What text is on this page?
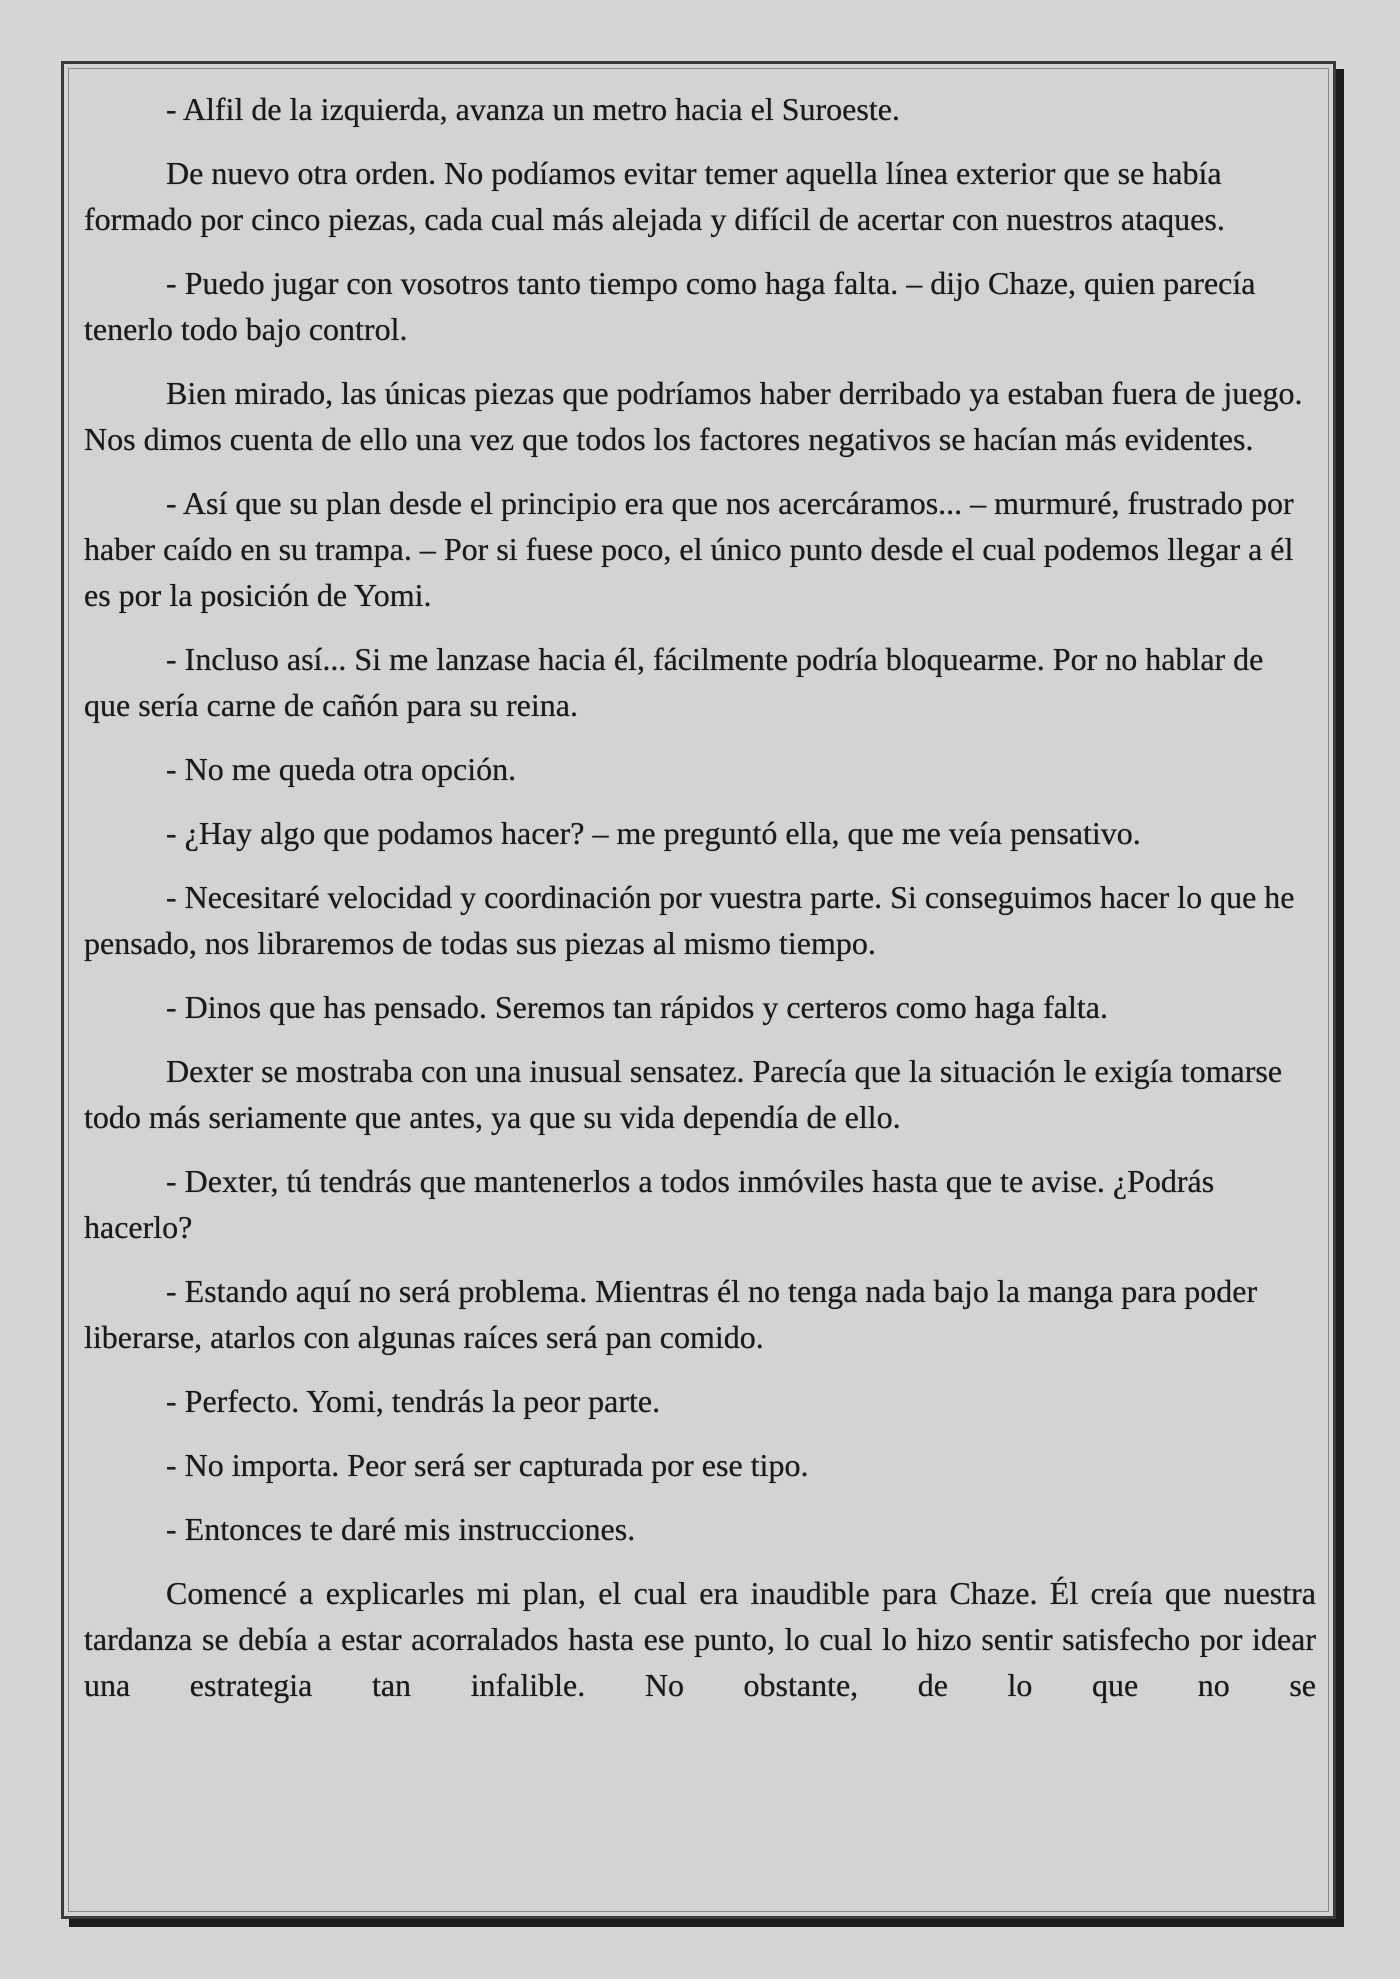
- Alfil de la izquierda, avanza un metro hacia el Suroeste.

De nuevo otra orden. No podíamos evitar temer aquella línea exterior que se había formado por cinco piezas, cada cual más alejada y difícil de acertar con nuestros ataques.

- Puedo jugar con vosotros tanto tiempo como haga falta. – dijo Chaze, quien parecía tenerlo todo bajo control.

Bien mirado, las únicas piezas que podríamos haber derribado ya estaban fuera de juego. Nos dimos cuenta de ello una vez que todos los factores negativos se hacían más evidentes.

- Así que su plan desde el principio era que nos acercáramos... – murmuré, frustrado por haber caído en su trampa. – Por si fuese poco, el único punto desde el cual podemos llegar a él es por la posición de Yomi.

- Incluso así... Si me lanzase hacia él, fácilmente podría bloquearme. Por no hablar de que sería carne de cañón para su reina.

- No me queda otra opción.

- ¿Hay algo que podamos hacer? – me preguntó ella, que me veía pensativo.

- Necesitaré velocidad y coordinación por vuestra parte. Si conseguimos hacer lo que he pensado, nos libraremos de todas sus piezas al mismo tiempo.

- Dinos que has pensado. Seremos tan rápidos y certeros como haga falta.

Dexter se mostraba con una inusual sensatez. Parecía que la situación le exigía tomarse todo más seriamente que antes, ya que su vida dependía de ello.

- Dexter, tú tendrás que mantenerlos a todos inmóviles hasta que te avise. ¿Podrás hacerlo?

- Estando aquí no será problema. Mientras él no tenga nada bajo la manga para poder liberarse, atarlos con algunas raíces será pan comido.

- Perfecto. Yomi, tendrás la peor parte.

- No importa. Peor será ser capturada por ese tipo.

- Entonces te daré mis instrucciones.

Comencé a explicarles mi plan, el cual era inaudible para Chaze. Él creía que nuestra tardanza se debía a estar acorralados hasta ese punto, lo cual lo hizo sentir satisfecho por idear una estrategia tan infalible. No obstante, de lo que no se
